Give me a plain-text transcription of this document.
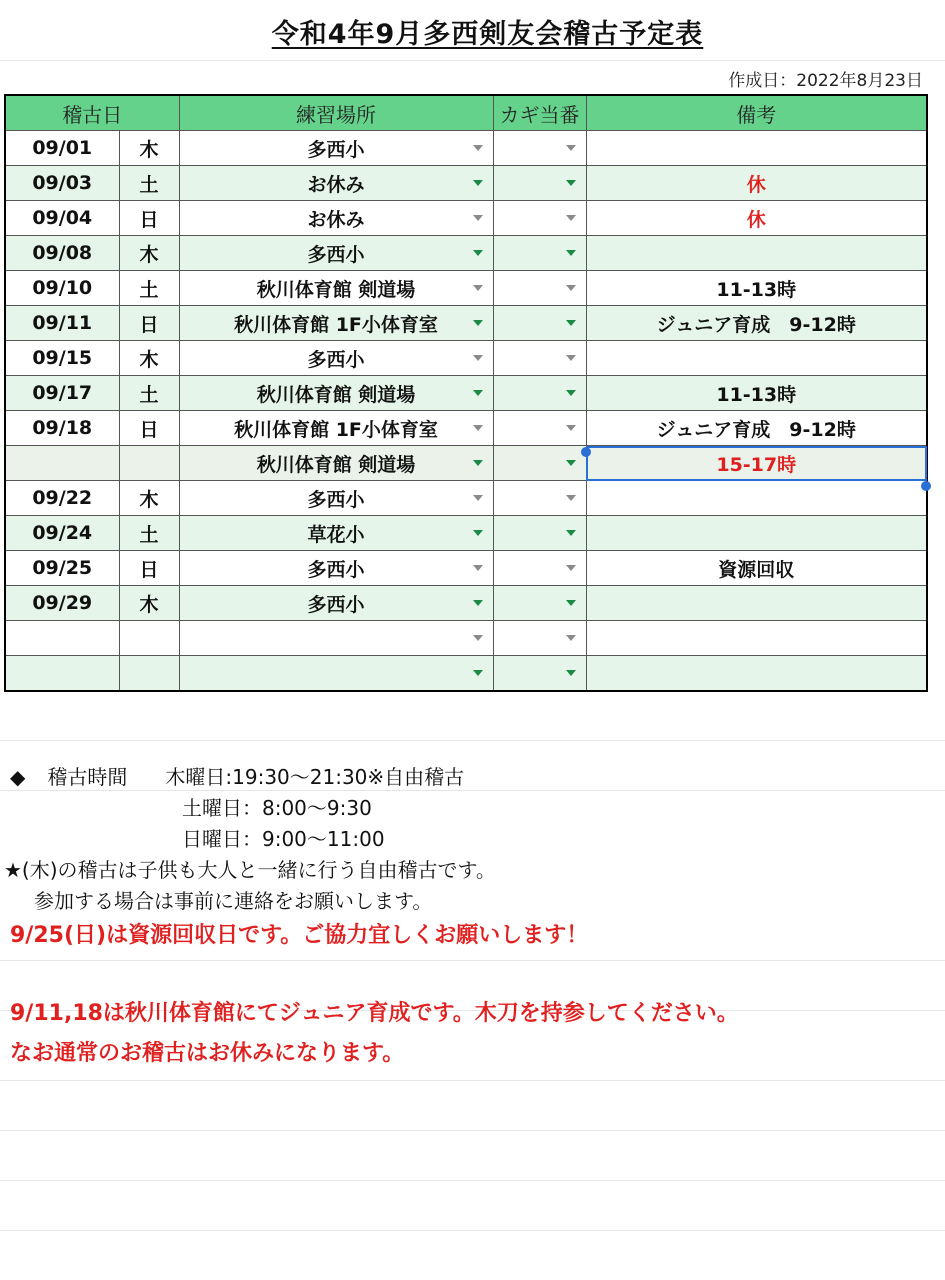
令和4年9月多西剣友会稽古予定表
作成日：2022年8月23日
稽古日		練習場所	カギ当番	備考
09/01	木	多西小

09/03	土	お休み		休
09/04	日	お休み		休
09/08	木	多西小

09/10	土	秋川体育館 剣道場		11-13時
09/11	日	秋川体育館 1F小体育室		ジュニア育成　9-12時
09/15	木	多西小

09/17	土	秋川体育館 剣道場		11-13時
09/18	日	秋川体育館 1F小体育室		ジュニア育成　9-12時
		秋川体育館 剣道場		15-17時
09/22	木	多西小

09/24	土	草花小

09/25	日	多西小		資源回収
09/29	木	多西小

◆ 稽古時間 木曜日:19:30～21:30※自由稽古
土曜日：8:00～9:30
日曜日：9:00～11:00
★(木)の稽古は子供も大人と一緒に行う自由稽古です。
参加する場合は事前に連絡をお願いします。
9/25(日)は資源回収日です。ご協力宜しくお願いします！
9/11,18は秋川体育館にてジュニア育成です。木刀を持参してください。
なお通常のお稽古はお休みになります。
